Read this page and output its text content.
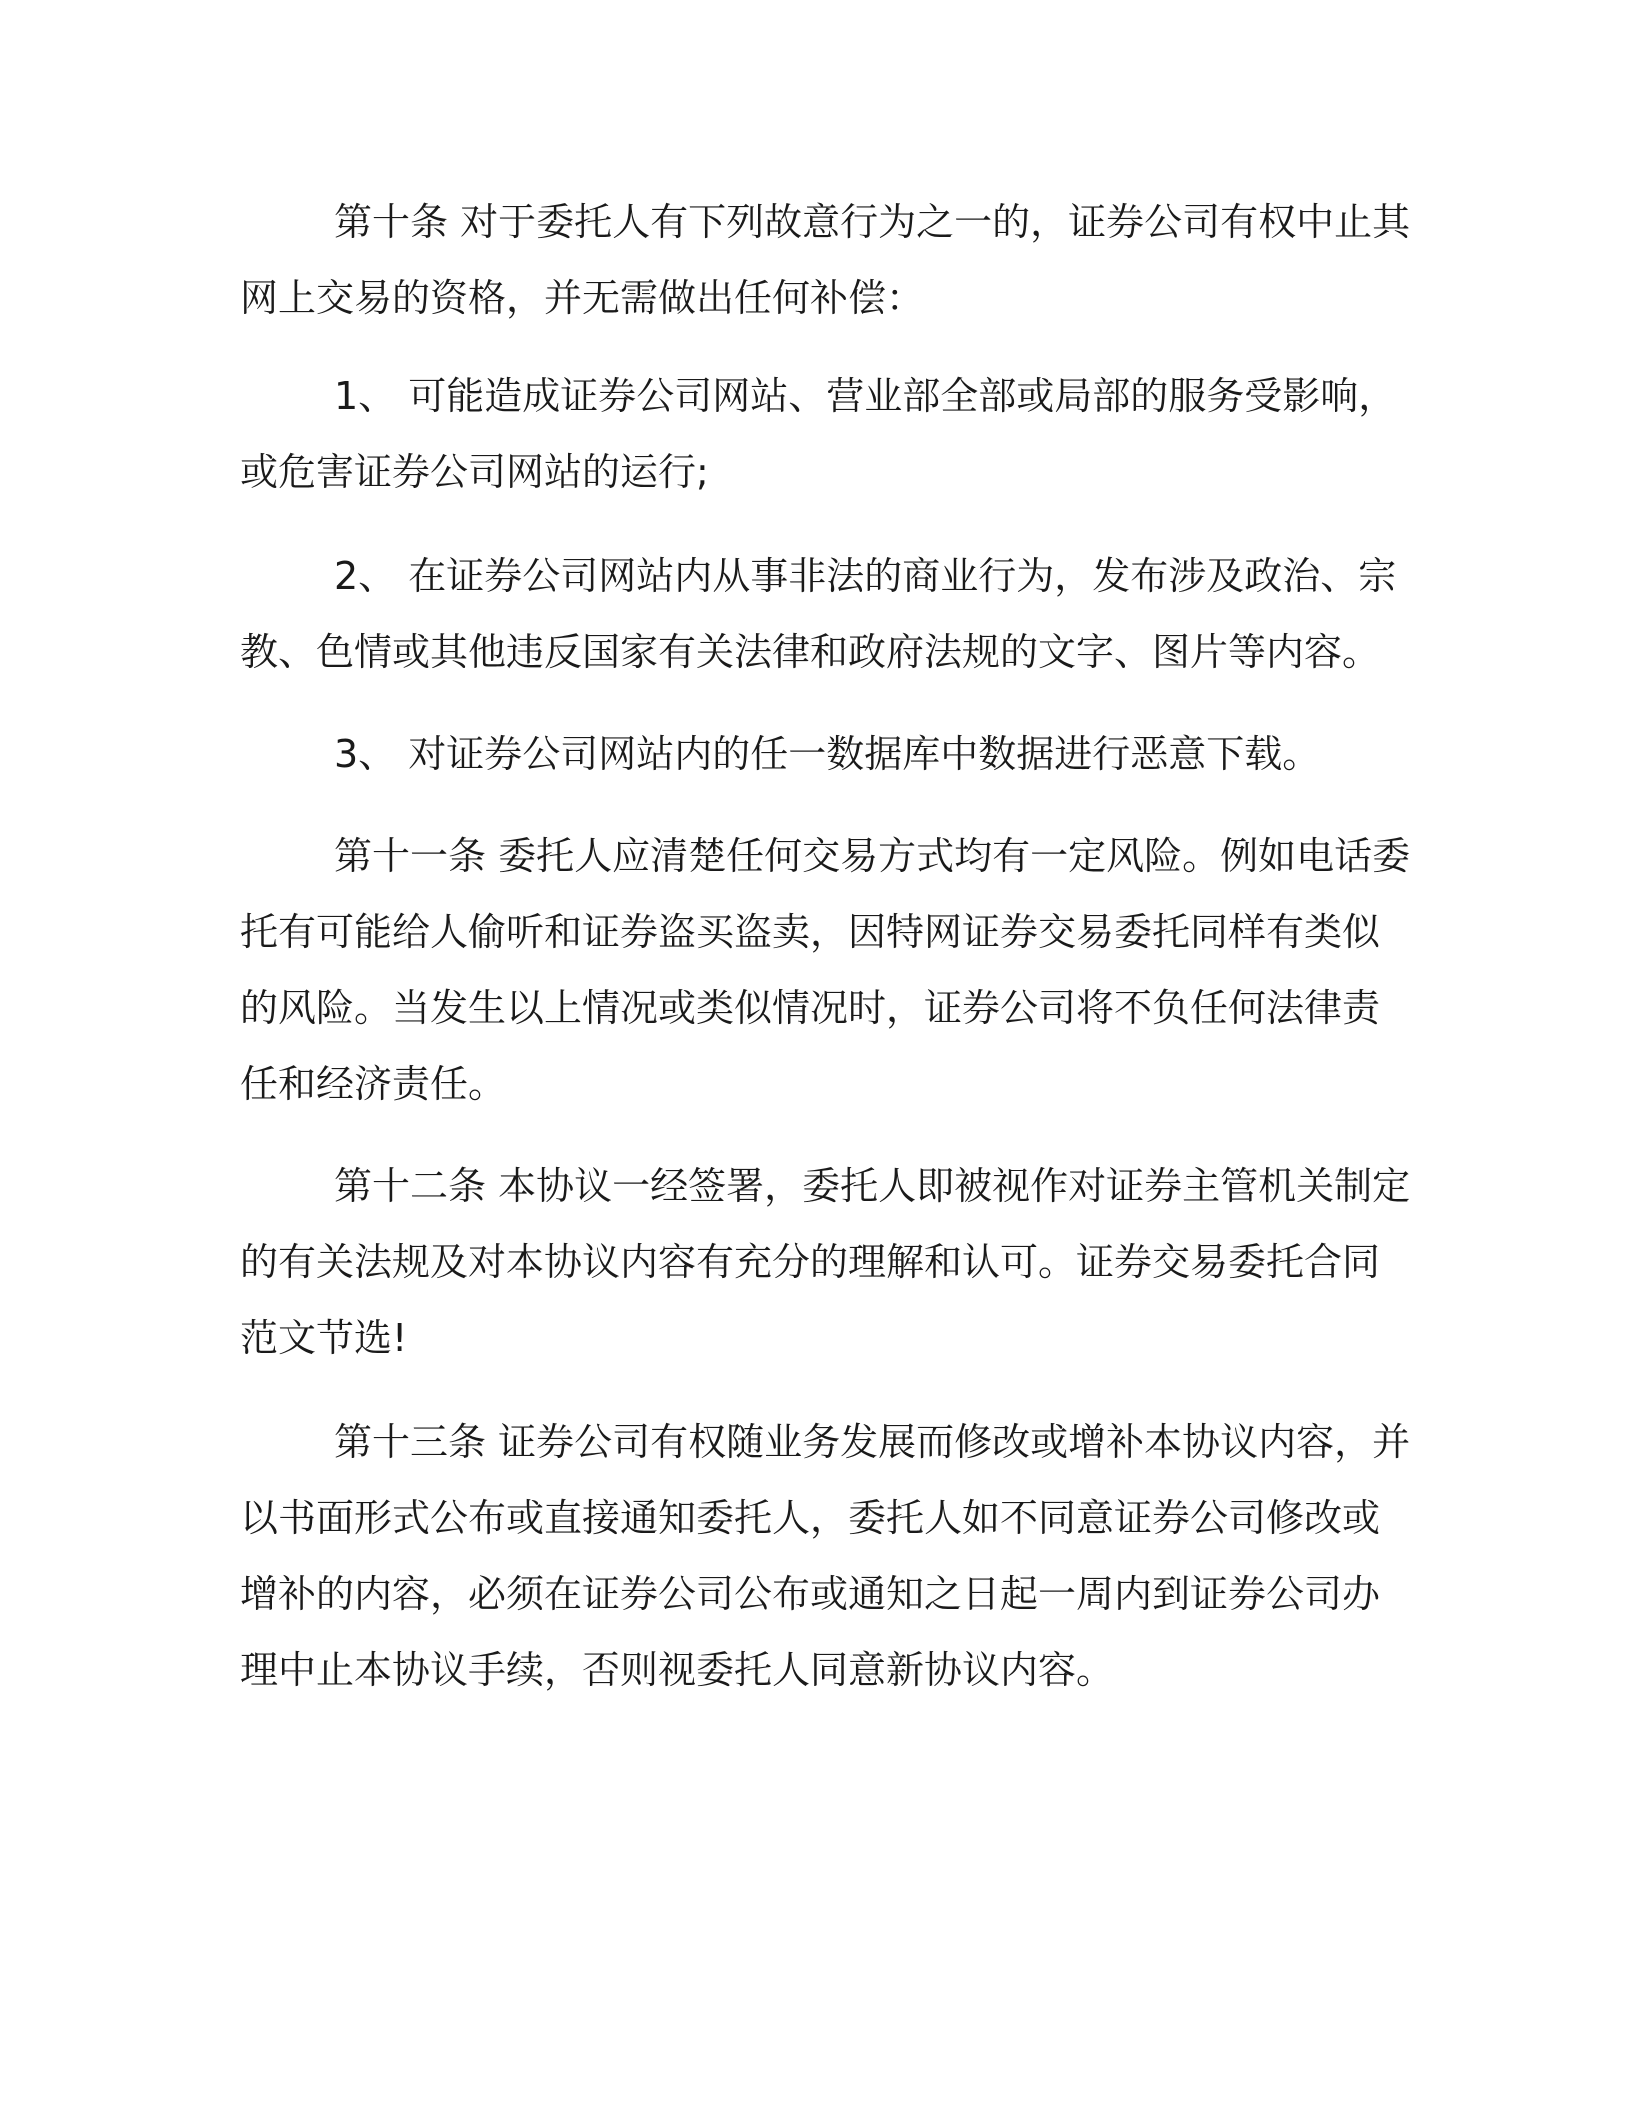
第十条 对于委托人有下列故意行为之一的，证券公司有权中止其
网上交易的资格，并无需做出任何补偿：

1、 可能造成证券公司网站、营业部全部或局部的服务受影响，
或危害证券公司网站的运行;

2、 在证券公司网站内从事非法的商业行为，发布涉及政治、宗
教、色情或其他违反国家有关法律和政府法规的文字、图片等内容。

3、 对证券公司网站内的任一数据库中数据进行恶意下载。

第十一条 委托人应清楚任何交易方式均有一定风险。例如电话委
托有可能给人偷听和证券盗买盗卖，因特网证券交易委托同样有类似
的风险。当发生以上情况或类似情况时，证券公司将不负任何法律责
任和经济责任。

第十二条 本协议一经签署，委托人即被视作对证券主管机关制定
的有关法规及对本协议内容有充分的理解和认可。证券交易委托合同
范文节选!

第十三条 证券公司有权随业务发展而修改或增补本协议内容，并
以书面形式公布或直接通知委托人，委托人如不同意证券公司修改或
增补的内容，必须在证券公司公布或通知之日起一周内到证券公司办
理中止本协议手续，否则视委托人同意新协议内容。
